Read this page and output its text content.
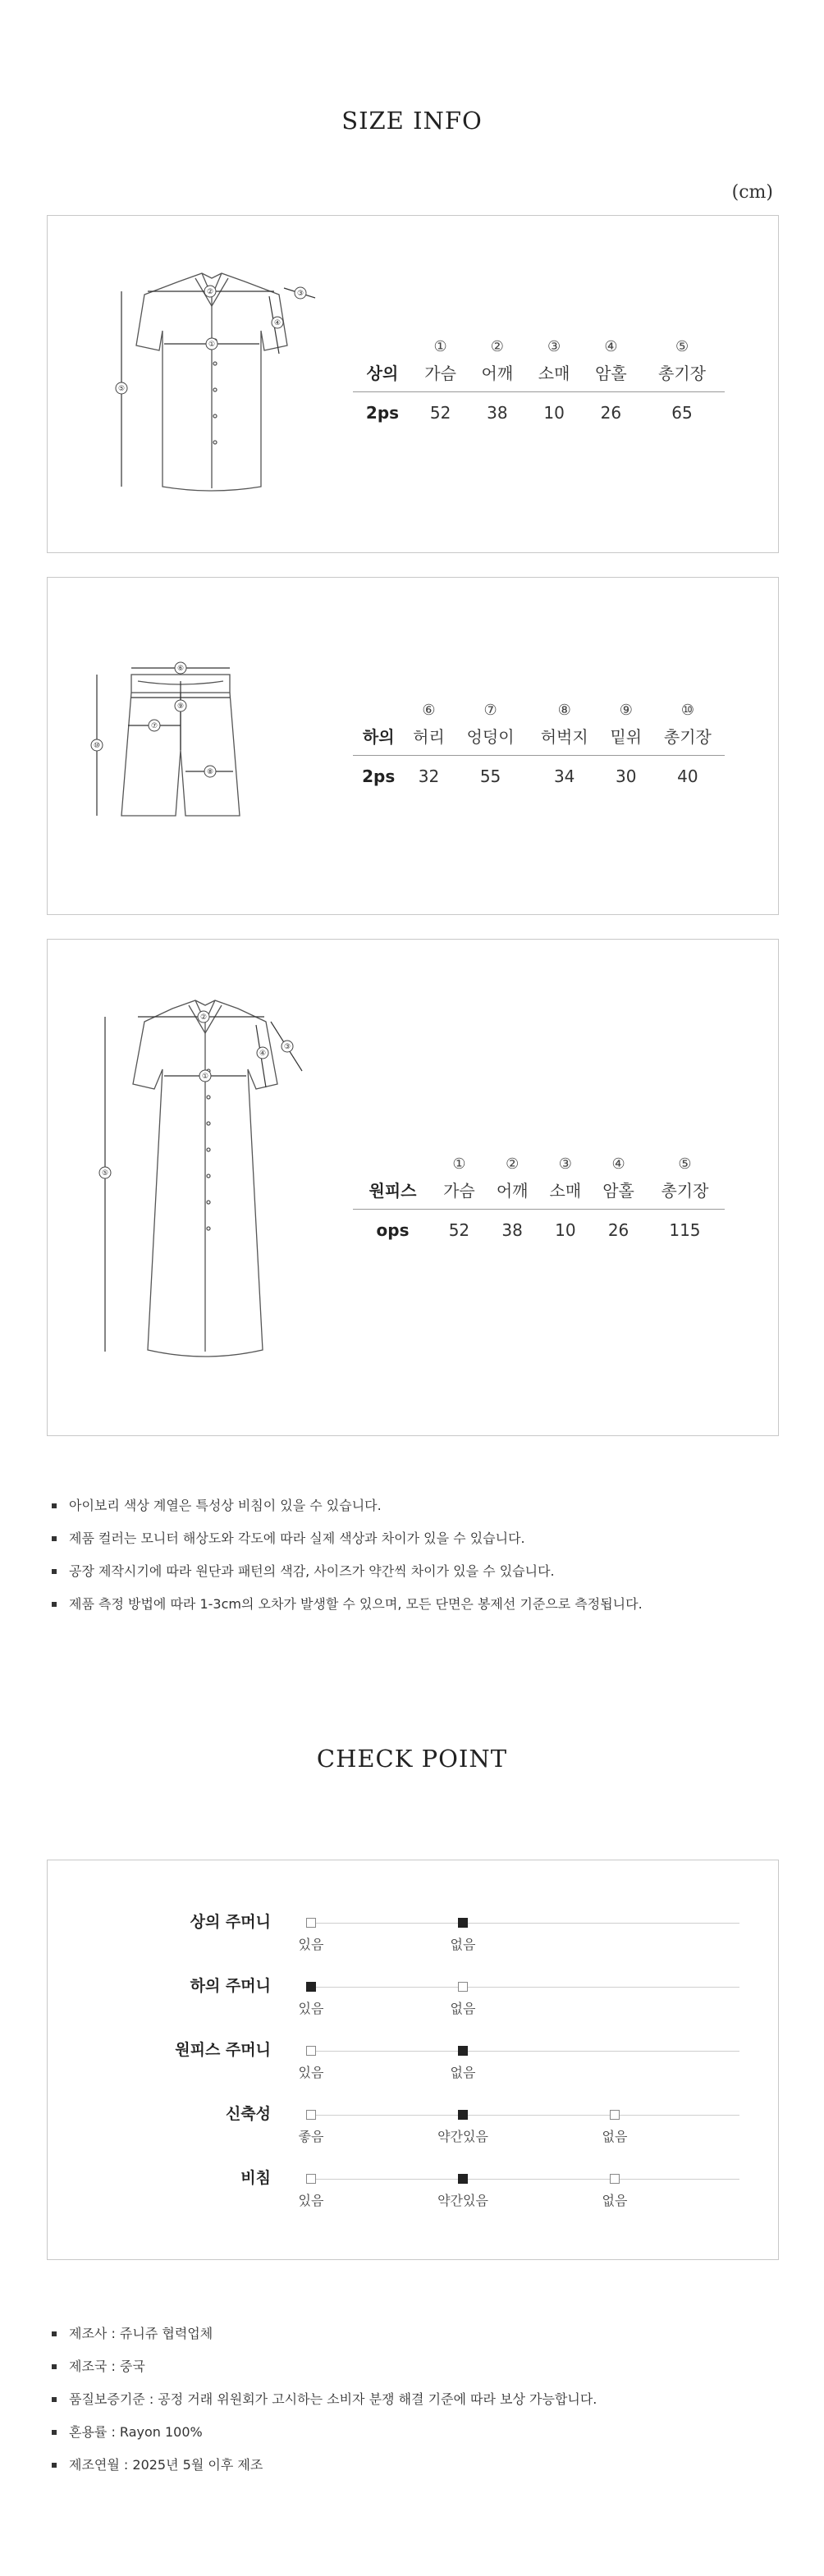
SIZE INFO
(cm)
②
①
④
③
⑤
	①	②	③	④	⑤
상의	가슴	어깨	소매	암홀	총기장
2ps	52	38	10	26	65
⑥
⑨
⑦
⑧
⑩
	⑥	⑦	⑧	⑨	⑩
하의	허리	엉덩이	허벅지	밑위	총기장
2ps	32	55	34	30	40
②
①
④
③
⑤
	①	②	③	④	⑤
원피스	가슴	어깨	소매	암홀	총기장
ops	52	38	10	26	115
아이보리 색상 계열은 특성상 비침이 있을 수 있습니다.
제품 컬러는 모니터 해상도와 각도에 따라 실제 색상과 차이가 있을 수 있습니다.
공장 제작시기에 따라 원단과 패턴의 색감, 사이즈가 약간씩 차이가 있을 수 있습니다.
제품 측정 방법에 따라 1-3cm의 오차가 발생할 수 있으며, 모든 단면은 봉제선 기준으로 측정됩니다.
CHECK POINT
상의 주머니
있음	없음
하의 주머니
있음	없음
원피스 주머니
있음	없음
신축성
좋음	약간있음	없음
비침
있음	약간있음	없음
제조사 : 쥬니쥬 협력업체
제조국 : 중국
품질보증기준 : 공정 거래 위원회가 고시하는 소비자 분쟁 해결 기준에 따라 보상 가능합니다.
혼용률 : Rayon 100%
제조연월 : 2025년 5월 이후 제조
